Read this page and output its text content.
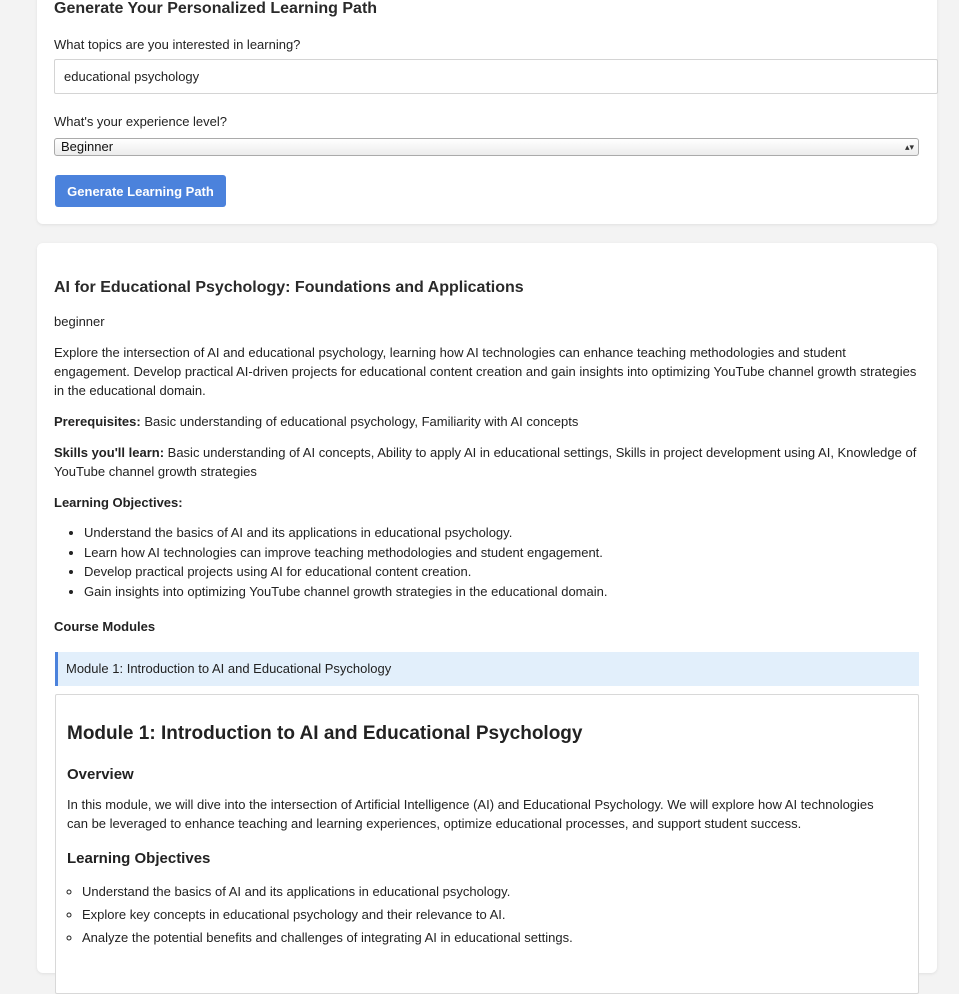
Generate Your Personalized Learning Path
What topics are you interested in learning?
educational psychology
What's your experience level?
Beginner	▴▾
Generate Learning Path
AI for Educational Psychology: Foundations and Applications
beginner
Explore the intersection of AI and educational psychology, learning how AI technologies can enhance teaching methodologies and student engagement. Develop practical AI-driven projects for educational content creation and gain insights into optimizing YouTube channel growth strategies in the educational domain.
Prerequisites: Basic understanding of educational psychology, Familiarity with AI concepts
Skills you'll learn: Basic understanding of AI concepts, Ability to apply AI in educational settings, Skills in project development using AI, Knowledge of YouTube channel growth strategies
Learning Objectives:
• Understand the basics of AI and its applications in educational psychology.
• Learn how AI technologies can improve teaching methodologies and student engagement.
• Develop practical projects using AI for educational content creation.
• Gain insights into optimizing YouTube channel growth strategies in the educational domain.
Course Modules
Module 1: Introduction to AI and Educational Psychology
Module 1: Introduction to AI and Educational Psychology
Overview
In this module, we will dive into the intersection of Artificial Intelligence (AI) and Educational Psychology. We will explore how AI technologies can be leveraged to enhance teaching and learning experiences, optimize educational processes, and support student success.
Learning Objectives
◦ Understand the basics of AI and its applications in educational psychology.
◦ Explore key concepts in educational psychology and their relevance to AI.
◦ Analyze the potential benefits and challenges of integrating AI in educational settings.
